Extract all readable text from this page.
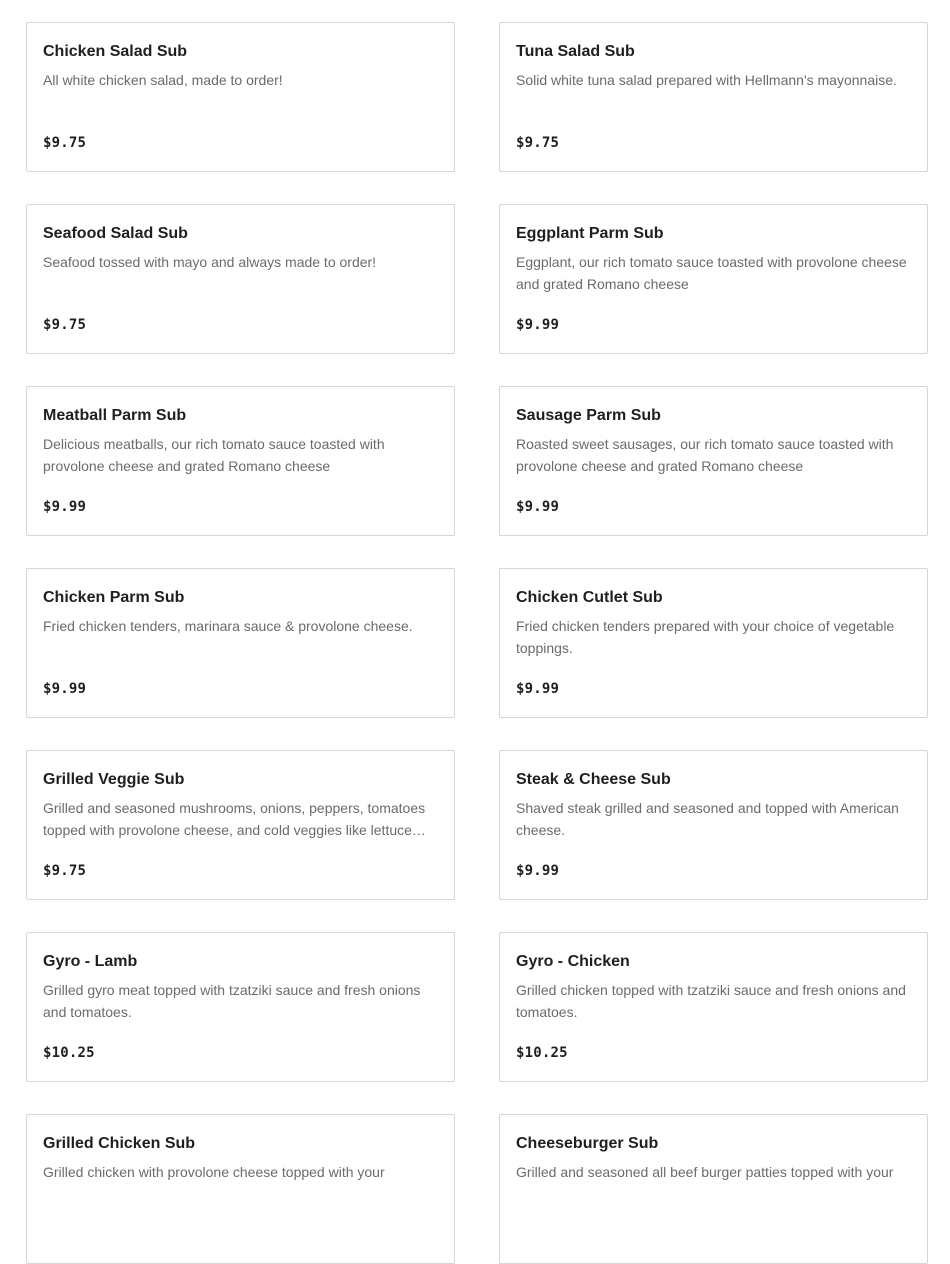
Chicken Salad Sub
All white chicken salad, made to order!
$9.75
Tuna Salad Sub
Solid white tuna salad prepared with Hellmann's mayonnaise.
$9.75
Seafood Salad Sub
Seafood tossed with mayo and always made to order!
$9.75
Eggplant Parm Sub
Eggplant, our rich tomato sauce toasted with provolone cheese and grated Romano cheese
$9.99
Meatball Parm Sub
Delicious meatballs, our rich tomato sauce toasted with provolone cheese and grated Romano cheese
$9.99
Sausage Parm Sub
Roasted sweet sausages, our rich tomato sauce toasted with provolone cheese and grated Romano cheese
$9.99
Chicken Parm Sub
Fried chicken tenders, marinara sauce & provolone cheese.
$9.99
Chicken Cutlet Sub
Fried chicken tenders prepared with your choice of vegetable toppings.
$9.99
Grilled Veggie Sub
Grilled and seasoned mushrooms, onions, peppers, tomatoes topped with provolone cheese, and cold veggies like lettuce…
$9.75
Steak & Cheese Sub
Shaved steak grilled and seasoned and topped with American cheese.
$9.99
Gyro - Lamb
Grilled gyro meat topped with tzatziki sauce and fresh onions and tomatoes.
$10.25
Gyro - Chicken
Grilled chicken topped with tzatziki sauce and fresh onions and tomatoes.
$10.25
Grilled Chicken Sub
Grilled chicken with provolone cheese topped with your
Cheeseburger Sub
Grilled and seasoned all beef burger patties topped with your
